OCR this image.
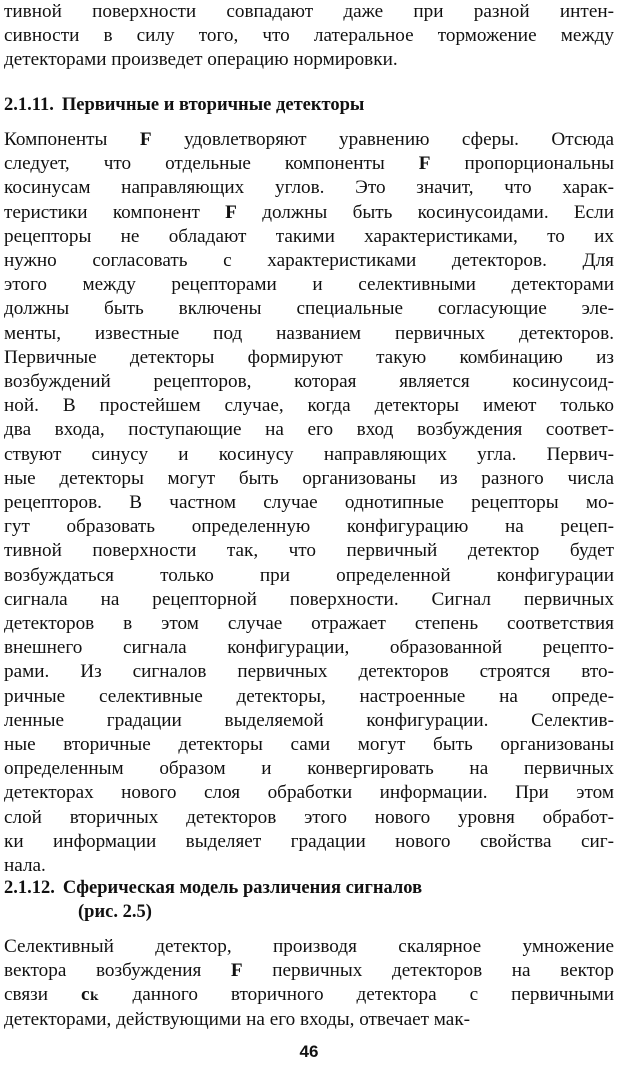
тивной поверхности совпадают даже при разной интен-
сивности в силу того, что латеральное торможение между
детекторами произведет операцию нормировки.
2.1.11. Первичные и вторичные детекторы
Компоненты F удовлетворяют уравнению сферы. Отсюда
следует, что отдельные компоненты F пропорциональны
косинусам направляющих углов. Это значит, что харак-
теристики компонент F должны быть косинусоидами. Если
рецепторы не обладают такими характеристиками, то их
нужно согласовать с характеристиками детекторов. Для
этого между рецепторами и селективными детекторами
должны быть включены специальные согласующие эле-
менты, известные под названием первичных детекторов.
Первичные детекторы формируют такую комбинацию из
возбуждений рецепторов, которая является косинусоид-
ной. В простейшем случае, когда детекторы имеют только
два входа, поступающие на его вход возбуждения соответ-
ствуют синусу и косинусу направляющих угла. Первич-
ные детекторы могут быть организованы из разного числа
рецепторов. В частном случае однотипные рецепторы мо-
гут образовать определенную конфигурацию на рецеп-
тивной поверхности так, что первичный детектор будет
возбуждаться только при определенной конфигурации
сигнала на рецепторной поверхности. Сигнал первичных
детекторов в этом случае отражает степень соответствия
внешнего сигнала конфигурации, образованной рецепто-
рами. Из сигналов первичных детекторов строятся вто-
ричные селективные детекторы, настроенные на опреде-
ленные градации выделяемой конфигурации. Селектив-
ные вторичные детекторы сами могут быть организованы
определенным образом и конвергировать на первичных
детекторах нового слоя обработки информации. При этом
слой вторичных детекторов этого нового уровня обработ-
ки информации выделяет градации нового свойства сиг-
нала.
2.1.12. Сферическая модель различения сигналов
(рис. 2.5)
Селективный детектор, производя скалярное умножение
вектора возбуждения F первичных детекторов на вектор
связи cₖ данного вторичного детектора с первичными
детекторами, действующими на его входы, отвечает мак-
46
